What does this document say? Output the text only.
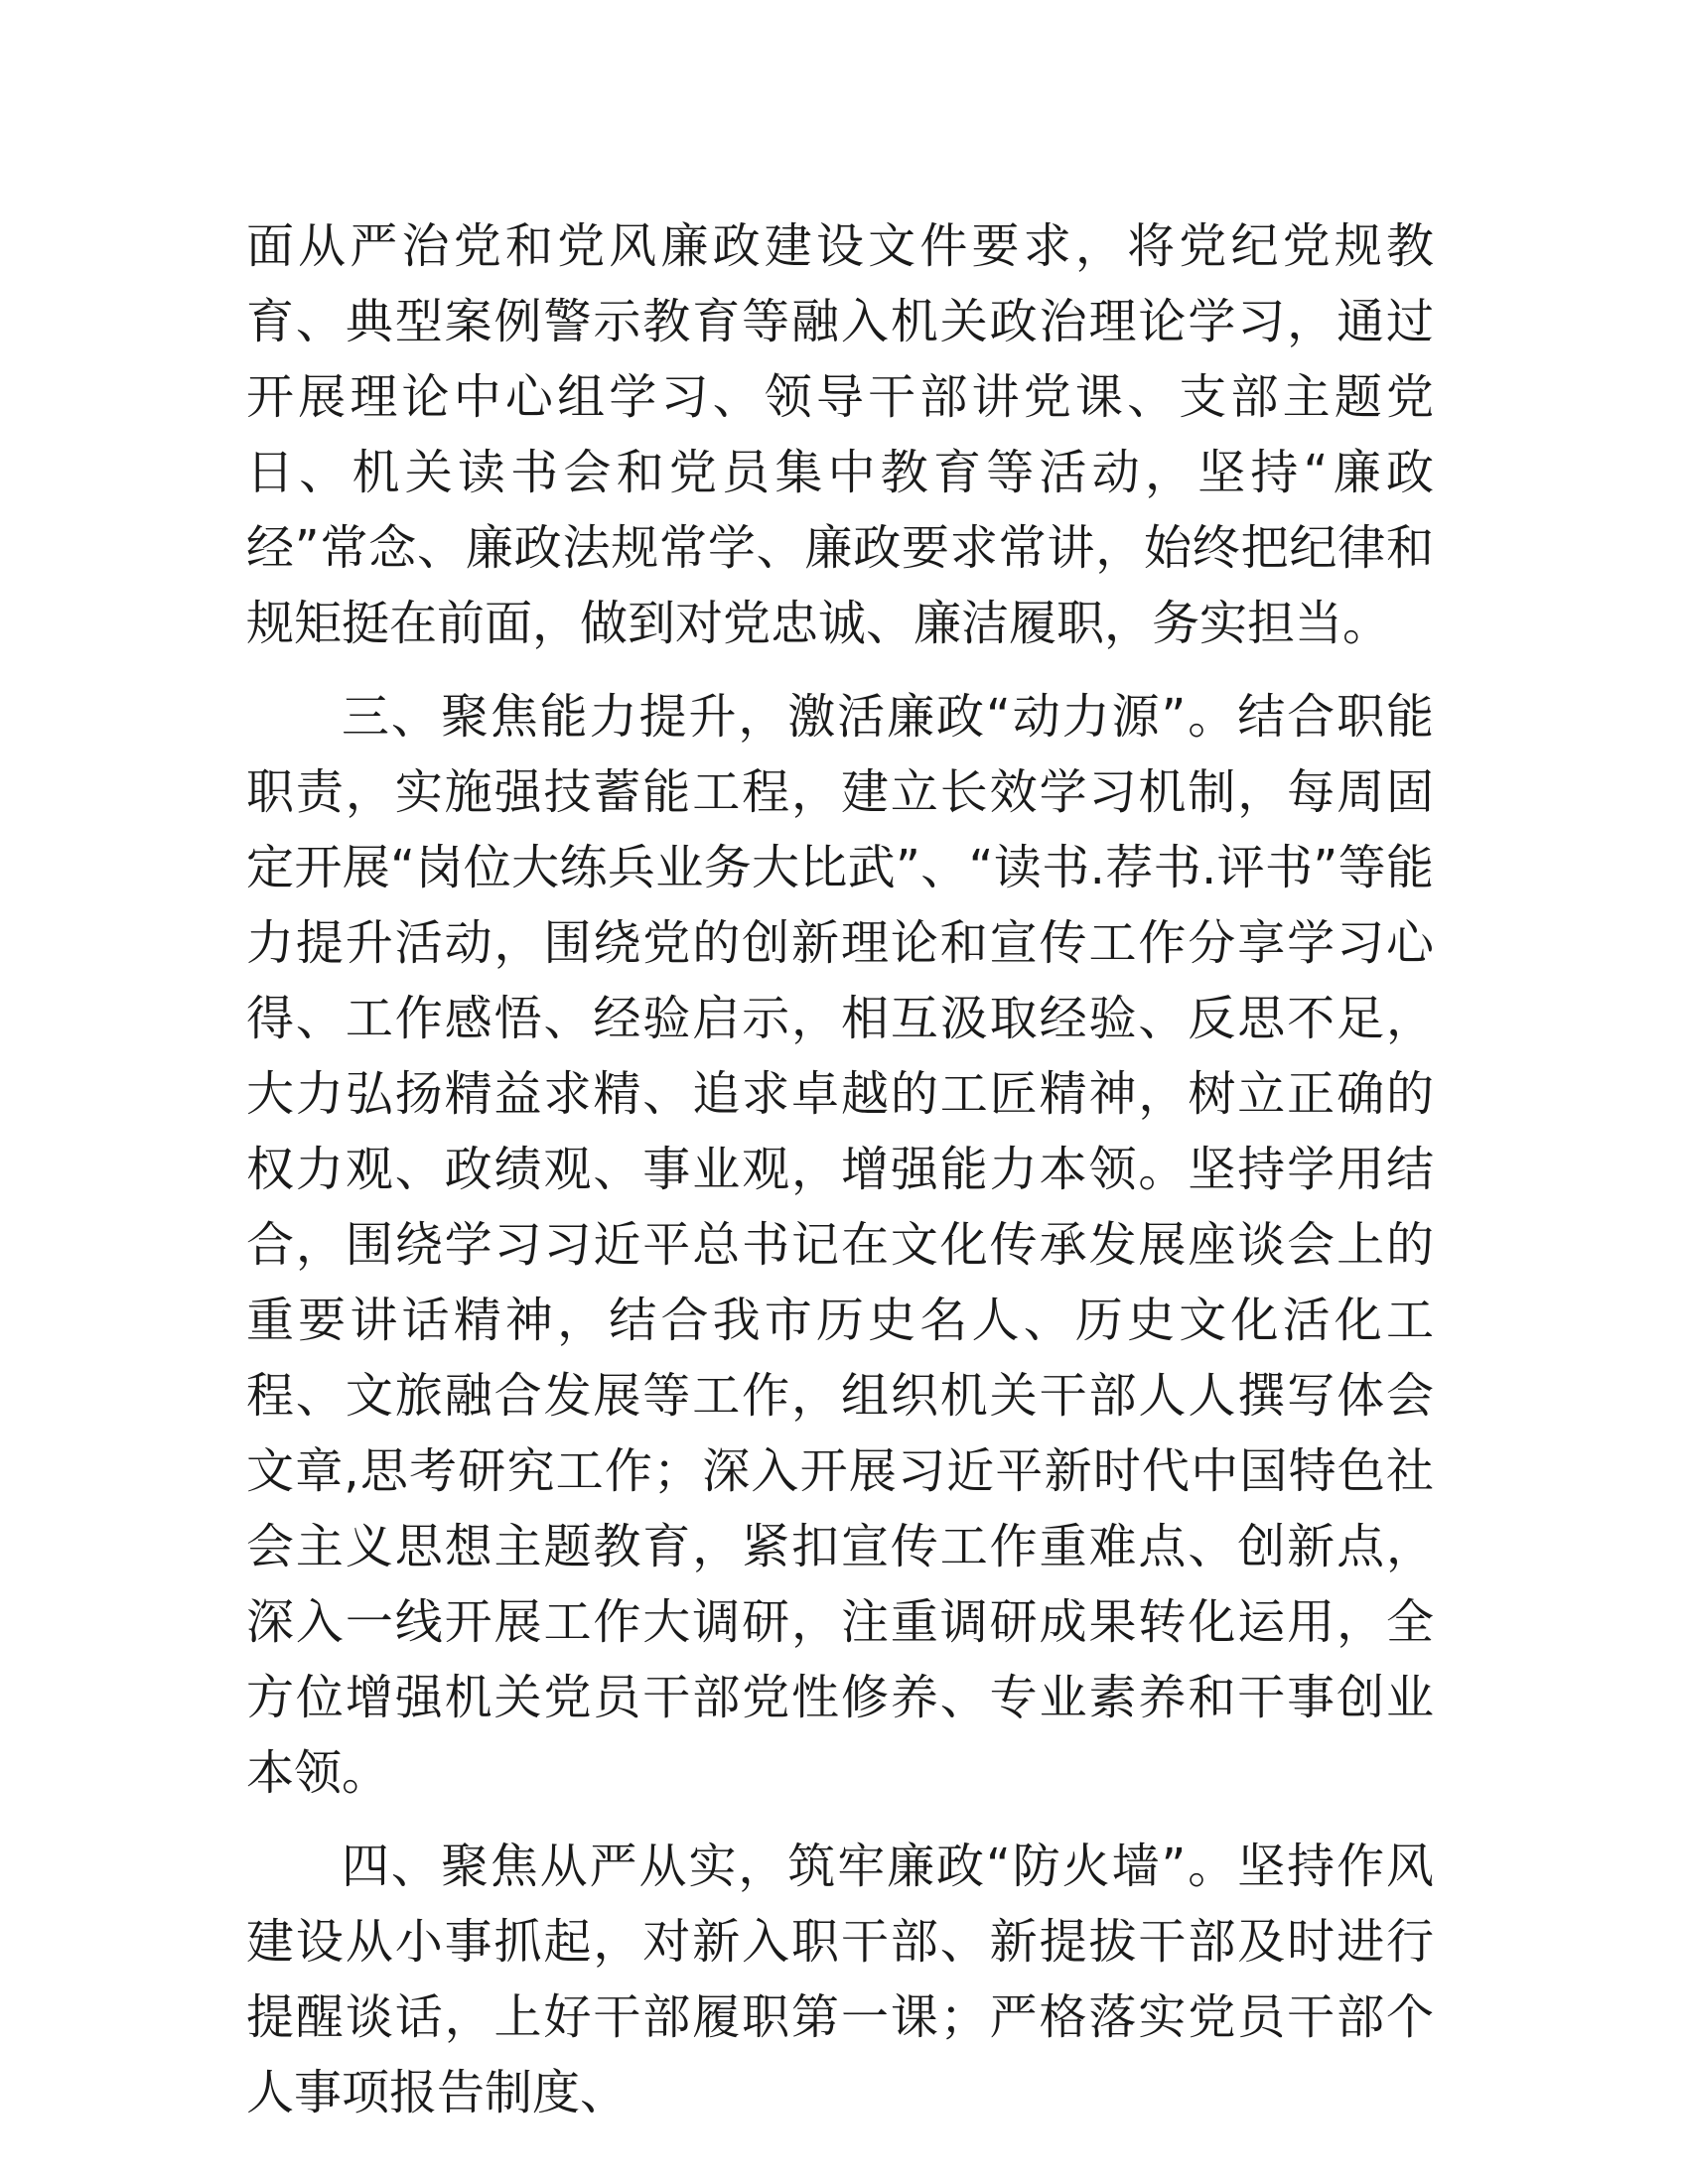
面从严治党和党风廉政建设文件要求，将党纪党规教育、典型案例警示教育等融入机关政治理论学习，通过开展理论中心组学习、领导干部讲党课、支部主题党日、机关读书会和党员集中教育等活动，坚持“廉政经”常念、廉政法规常学、廉政要求常讲，始终把纪律和规矩挺在前面，做到对党忠诚、廉洁履职，务实担当。

三、聚焦能力提升，激活廉政“动力源”。结合职能职责，实施强技蓄能工程，建立长效学习机制，每周固定开展“岗位大练兵业务大比武”、“读书.荐书.评书”等能力提升活动，围绕党的创新理论和宣传工作分享学习心得、工作感悟、经验启示，相互汲取经验、反思不足，大力弘扬精益求精、追求卓越的工匠精神，树立正确的权力观、政绩观、事业观，增强能力本领。坚持学用结合，围绕学习习近平总书记在文化传承发展座谈会上的重要讲话精神，结合我市历史名人、历史文化活化工程、文旅融合发展等工作，组织机关干部人人撰写体会文章,思考研究工作；深入开展习近平新时代中国特色社会主义思想主题教育，紧扣宣传工作重难点、创新点，深入一线开展工作大调研，注重调研成果转化运用，全方位增强机关党员干部党性修养、专业素养和干事创业本领。

四、聚焦从严从实，筑牢廉政“防火墙”。坚持作风建设从小事抓起，对新入职干部、新提拔干部及时进行提醒谈话，上好干部履职第一课；严格落实党员干部个人事项报告制度、
